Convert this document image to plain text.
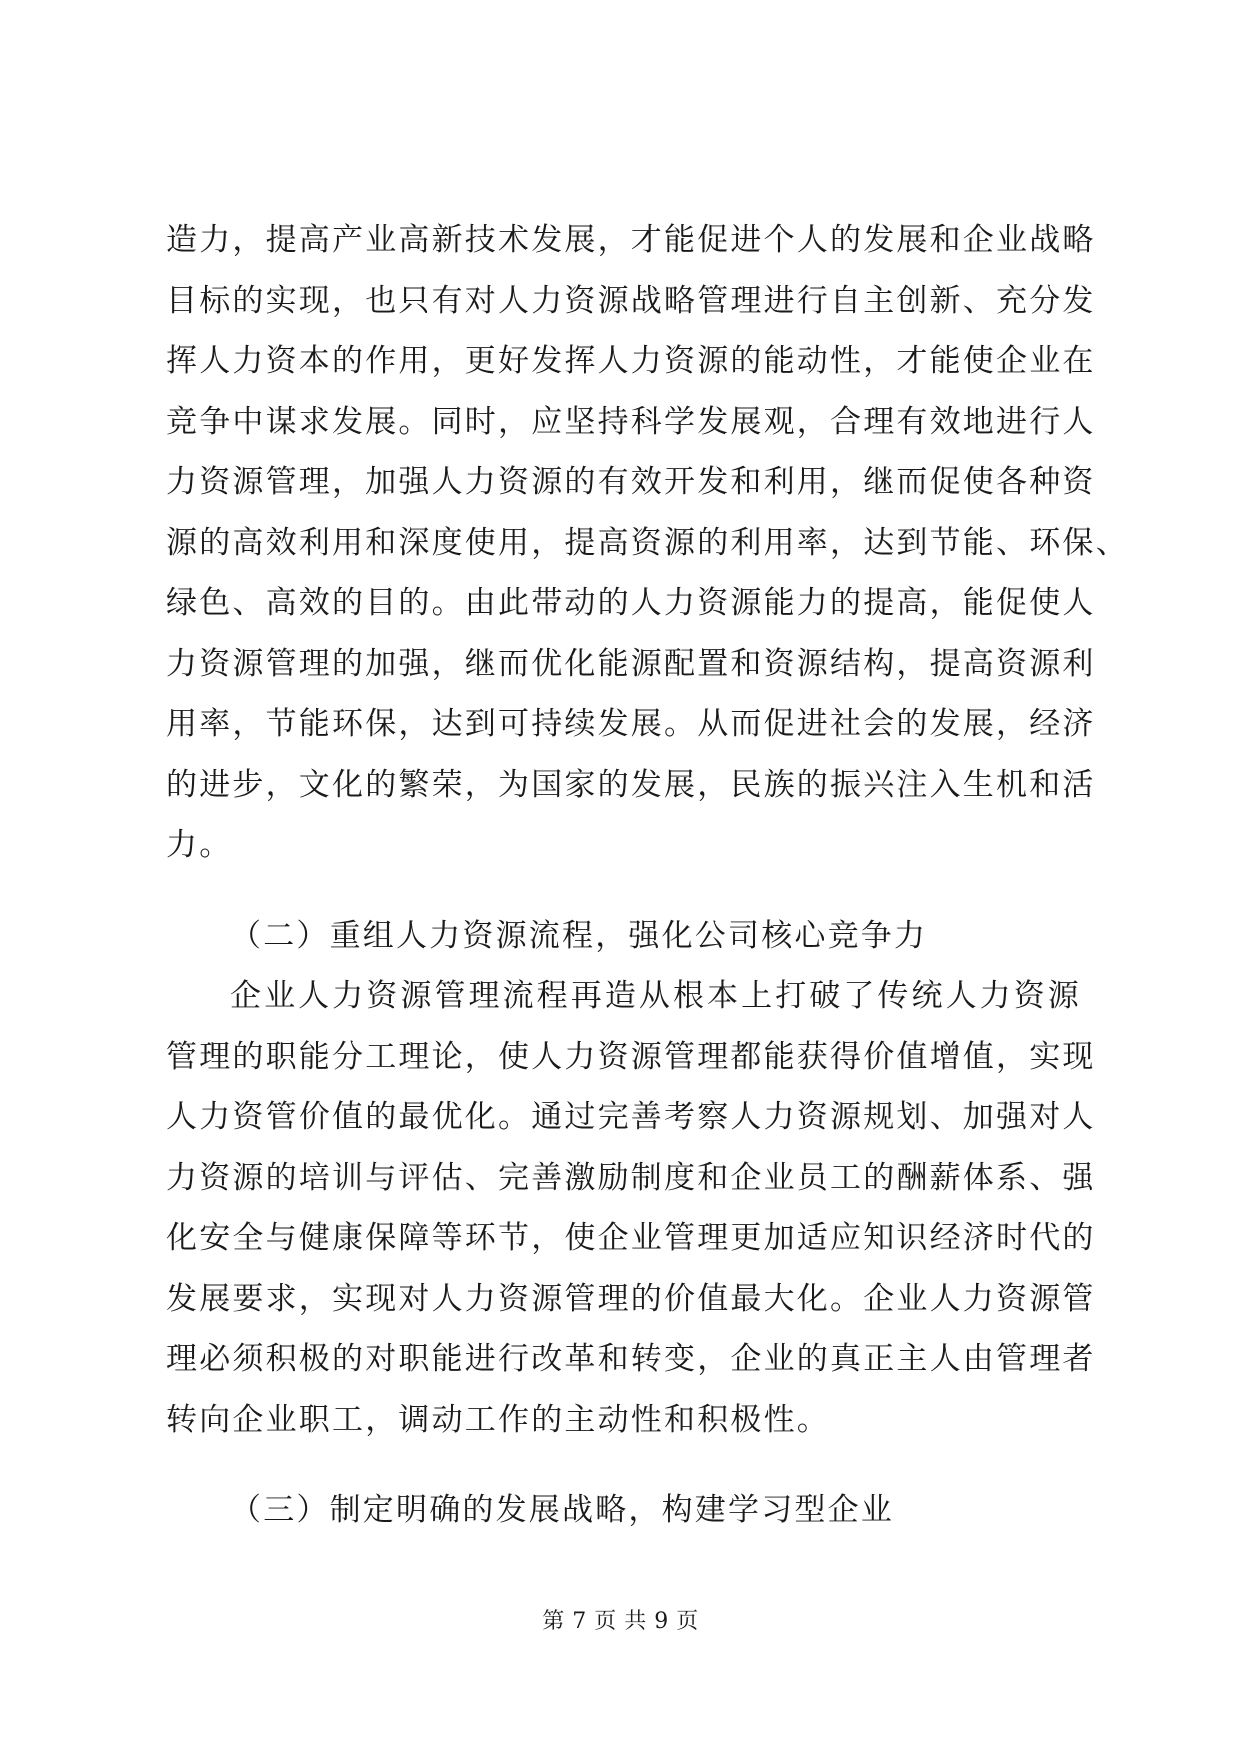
造力，提高产业高新技术发展，才能促进个人的发展和企业战略
目标的实现，也只有对人力资源战略管理进行自主创新、充分发
挥人力资本的作用，更好发挥人力资源的能动性，才能使企业在
竞争中谋求发展。同时，应坚持科学发展观，合理有效地进行人
力资源管理，加强人力资源的有效开发和利用，继而促使各种资
源的高效利用和深度使用，提高资源的利用率，达到节能、环保、
绿色、高效的目的。由此带动的人力资源能力的提高，能促使人
力资源管理的加强，继而优化能源配置和资源结构，提高资源利
用率，节能环保，达到可持续发展。从而促进社会的发展，经济
的进步，文化的繁荣，为国家的发展，民族的振兴注入生机和活
力。
（二）重组人力资源流程，强化公司核心竞争力
企业人力资源管理流程再造从根本上打破了传统人力资源
管理的职能分工理论，使人力资源管理都能获得价值增值，实现
人力资管价值的最优化。通过完善考察人力资源规划、加强对人
力资源的培训与评估、完善激励制度和企业员工的酬薪体系、强
化安全与健康保障等环节，使企业管理更加适应知识经济时代的
发展要求，实现对人力资源管理的价值最大化。企业人力资源管
理必须积极的对职能进行改革和转变，企业的真正主人由管理者
转向企业职工，调动工作的主动性和积极性。
（三）制定明确的发展战略，构建学习型企业
第 7 页 共 9 页
